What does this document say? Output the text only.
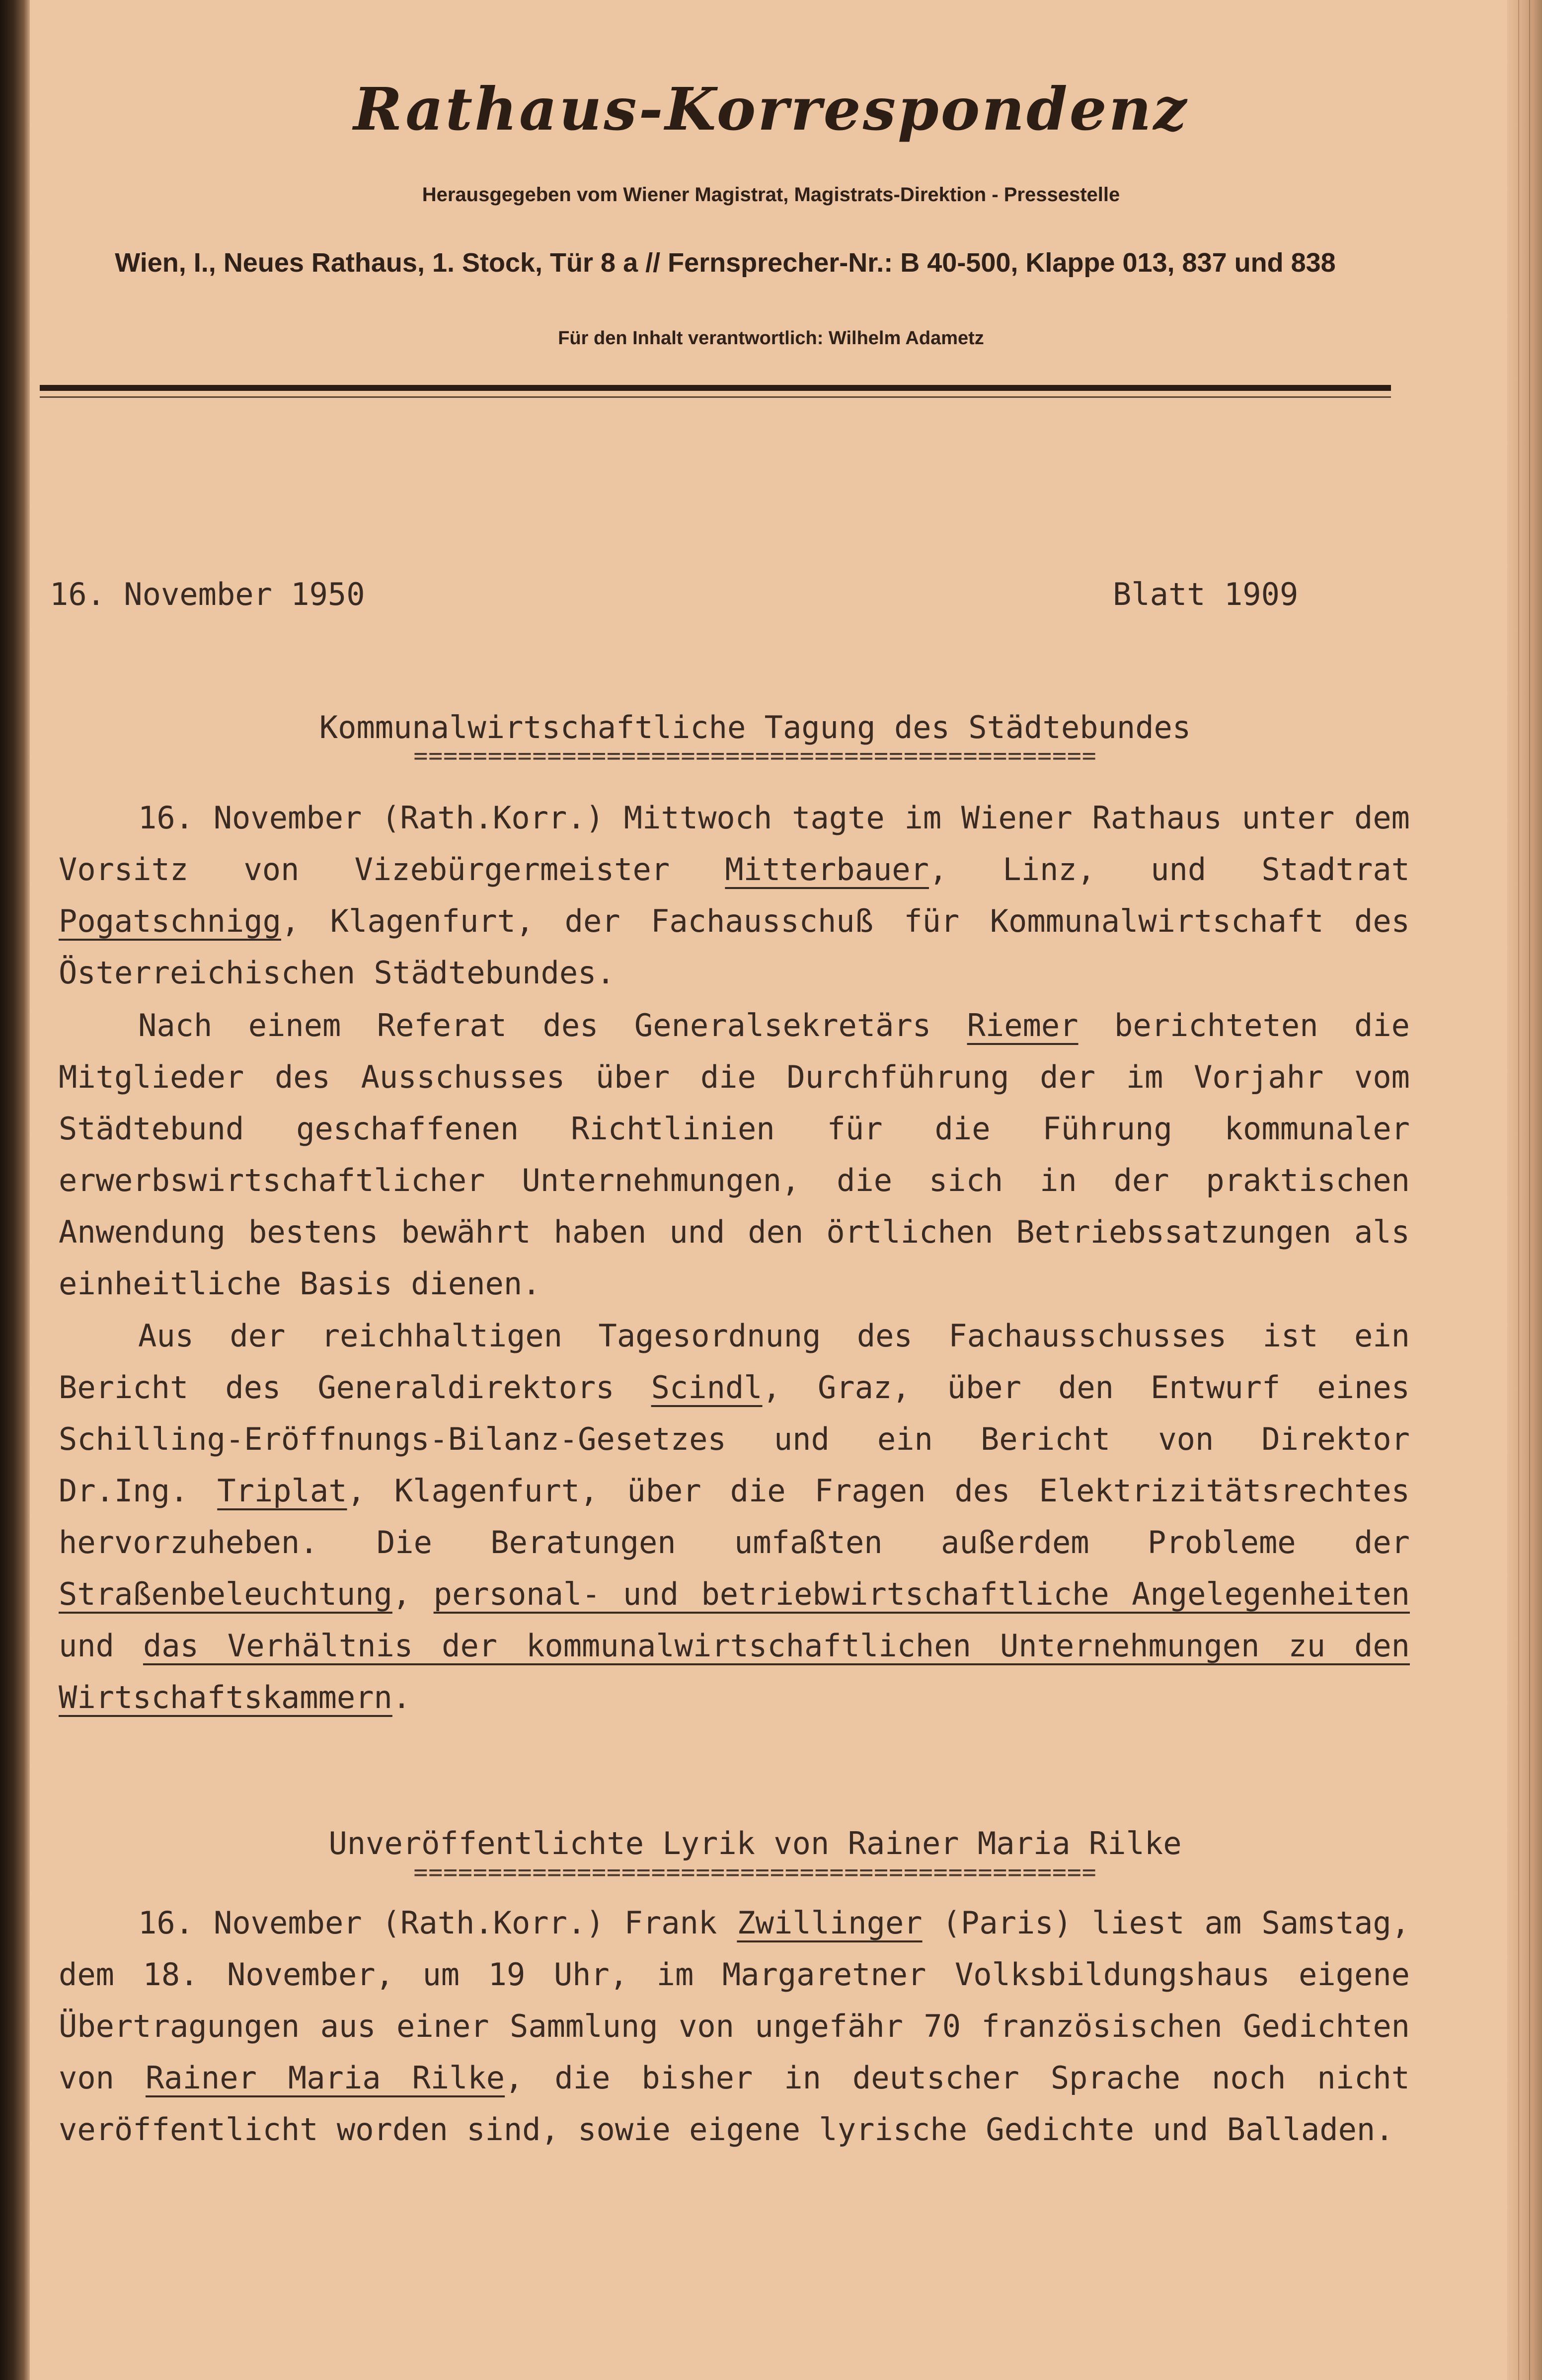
Rathaus-Korrespondenz
Herausgegeben vom Wiener Magistrat, Magistrats-Direktion - Pressestelle
Wien, I., Neues Rathaus, 1. Stock, Tür 8 a // Fernsprecher-Nr.: B 40-500, Klappe 013, 837 und 838
Für den Inhalt verantwortlich: Wilhelm Adametz
16. November 1950	Blatt 1909
Kommunalwirtschaftliche Tagung des Städtebundes
==============================================

16. November (Rath.Korr.) Mittwoch tagte im Wiener Rathaus unter dem Vorsitz von Vizebürgermeister Mitterbauer, Linz, und Stadtrat Pogatschnigg, Klagenfurt, der Fachausschuß für Kommunalwirtschaft des Österreichischen Städtebundes.

Nach einem Referat des Generalsekretärs Riemer berichteten die Mitglieder des Ausschusses über die Durchführung der im Vorjahr vom Städtebund geschaffenen Richtlinien für die Führung kommunaler erwerbswirtschaftlicher Unternehmungen, die sich in der praktischen Anwendung bestens bewährt haben und den örtlichen Betriebssatzungen als einheitliche Basis dienen.

Aus der reichhaltigen Tagesordnung des Fachausschusses ist ein Bericht des Generaldirektors Scindl, Graz, über den Entwurf eines Schilling-Eröffnungs-Bilanz-Gesetzes und ein Bericht von Direktor Dr.Ing. Triplat, Klagenfurt, über die Fragen des Elektrizitätsrechtes hervorzuheben. Die Beratungen umfaßten außerdem Probleme der Straßenbeleuchtung, personal- und betriebwirtschaftliche Angelegenheiten und das Verhältnis der kommunalwirtschaftlichen Unternehmungen zu den Wirtschaftskammern.

Unveröffentlichte Lyrik von Rainer Maria Rilke
==============================================

16. November (Rath.Korr.) Frank Zwillinger (Paris) liest am Samstag, dem 18. November, um 19 Uhr, im Margaretner Volksbildungshaus eigene Übertragungen aus einer Sammlung von ungefähr 70 französischen Gedichten von Rainer Maria Rilke, die bisher in deutscher Sprache noch nicht veröffentlicht worden sind, sowie eigene lyrische Gedichte und Balladen.
